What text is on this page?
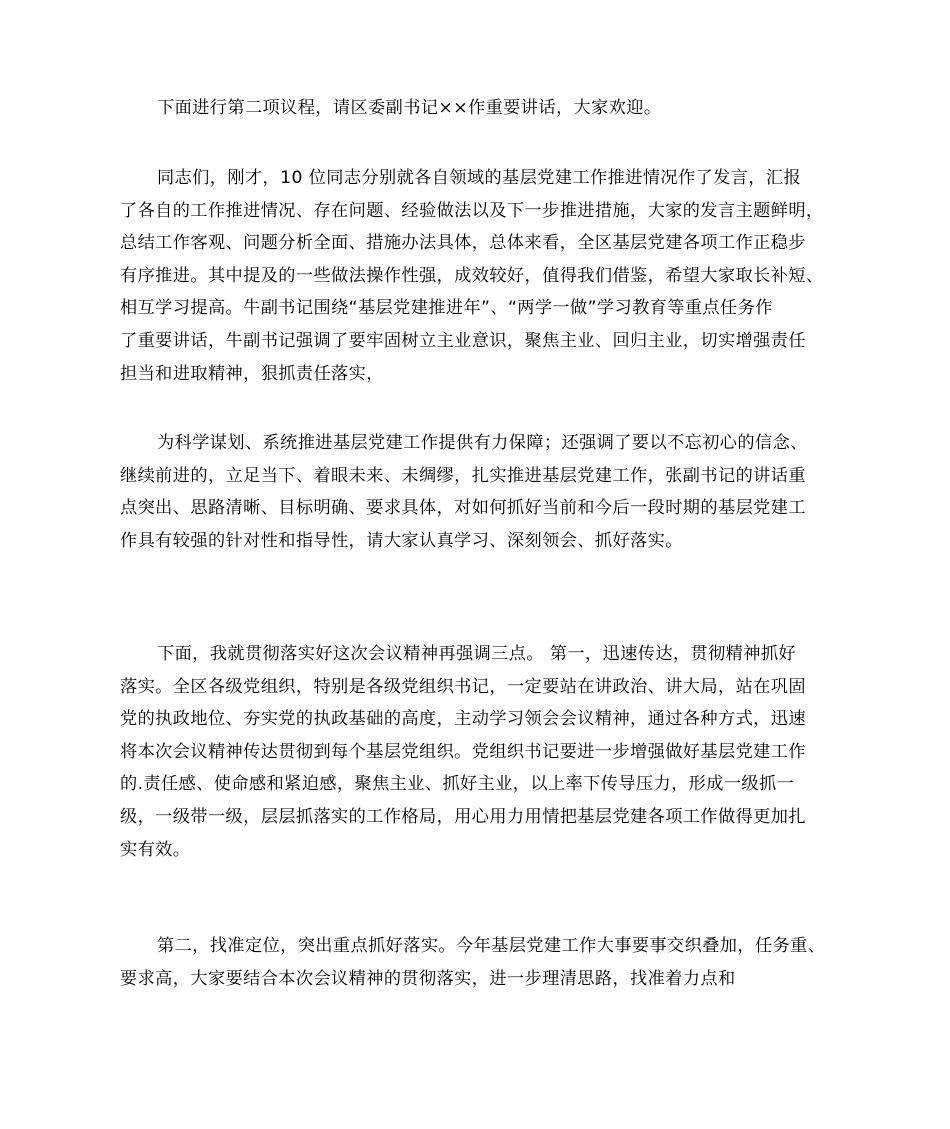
下面进行第二项议程，请区委副书记××作重要讲话，大家欢迎。

同志们，刚才，10 位同志分别就各自领域的基层党建工作推进情况作了发言，汇报
了各自的工作推进情况、存在问题、经验做法以及下一步推进措施，大家的发言主题鲜明，
总结工作客观、问题分析全面、措施办法具体，总体来看，全区基层党建各项工作正稳步
有序推进。其中提及的一些做法操作性强，成效较好，值得我们借鉴，希望大家取长补短、
相互学习提高。牛副书记围绕“基层党建推进年”、“两学一做”学习教育等重点任务作
了重要讲话，牛副书记强调了要牢固树立主业意识，聚焦主业、回归主业，切实增强责任
担当和进取精神，狠抓责任落实，

为科学谋划、系统推进基层党建工作提供有力保障；还强调了要以不忘初心的信念、
继续前进的，立足当下、着眼未来、未绸缪，扎实推进基层党建工作，张副书记的讲话重
点突出、思路清晰、目标明确、要求具体，对如何抓好当前和今后一段时期的基层党建工
作具有较强的针对性和指导性，请大家认真学习、深刻领会、抓好落实。

下面，我就贯彻落实好这次会议精神再强调三点。 第一，迅速传达，贯彻精神抓好
落实。全区各级党组织，特别是各级党组织书记，一定要站在讲政治、讲大局，站在巩固
党的执政地位、夯实党的执政基础的高度，主动学习领会会议精神，通过各种方式，迅速
将本次会议精神传达贯彻到每个基层党组织。党组织书记要进一步增强做好基层党建工作
的.责任感、使命感和紧迫感，聚焦主业、抓好主业，以上率下传导压力，形成一级抓一
级，一级带一级，层层抓落实的工作格局，用心用力用情把基层党建各项工作做得更加扎
实有效。

第二，找准定位，突出重点抓好落实。今年基层党建工作大事要事交织叠加，任务重、
要求高，大家要结合本次会议精神的贯彻落实，进一步理清思路，找准着力点和
